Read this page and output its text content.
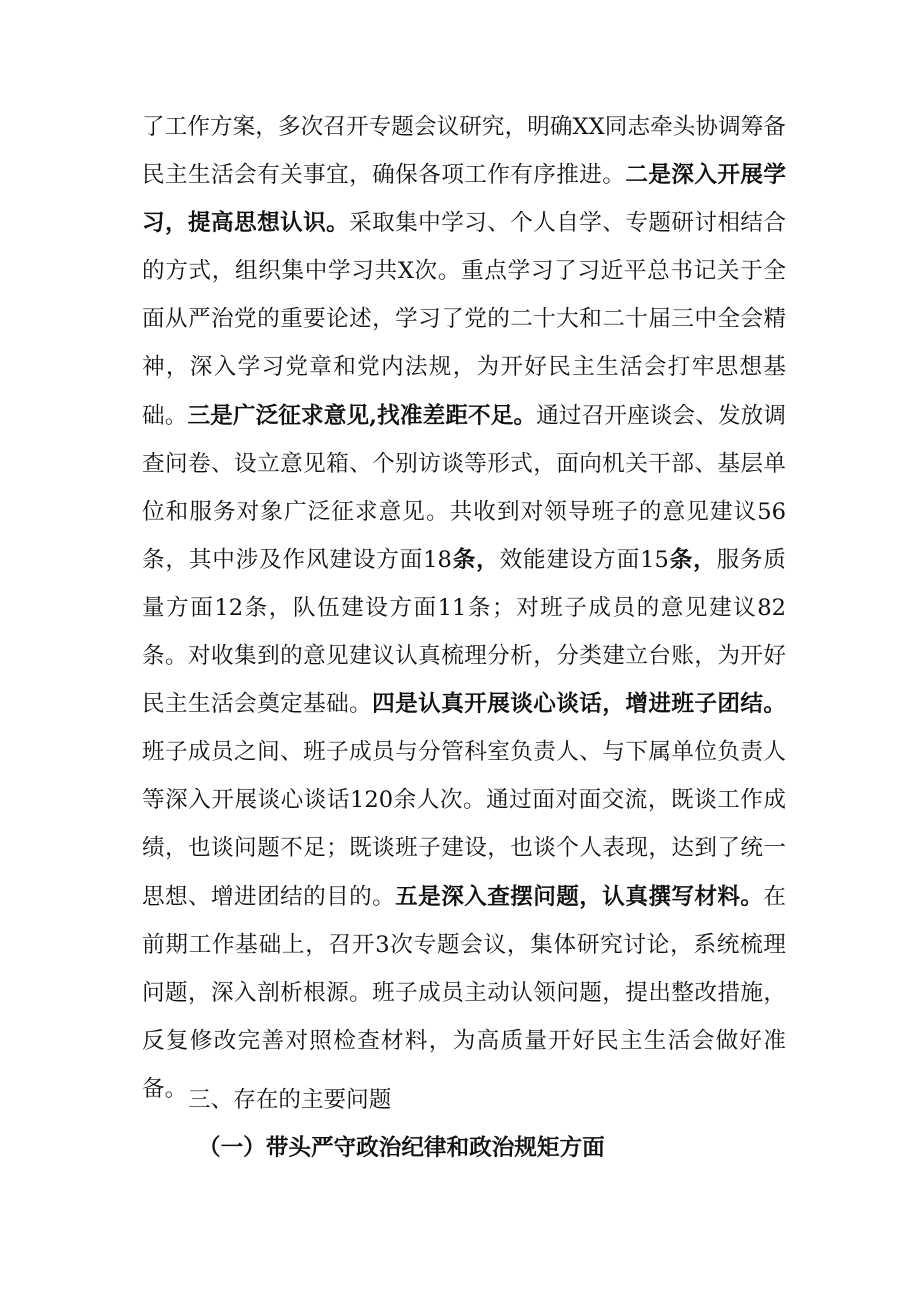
了工作方案，多次召开专题会议研究，明确XX同志牵头协调筹备民主生活会有关事宜，确保各项工作有序推进。二是深入开展学习，提高思想认识。采取集中学习、个人自学、专题研讨相结合的方式，组织集中学习共X次。重点学习了习近平总书记关于全面从严治党的重要论述，学习了党的二十大和二十届三中全会精神，深入学习党章和党内法规，为开好民主生活会打牢思想基础。三是广泛征求意见,找准差距不足。通过召开座谈会、发放调查问卷、设立意见箱、个别访谈等形式，面向机关干部、基层单位和服务对象广泛征求意见。共收到对领导班子的意见建议56条，其中涉及作风建设方面18条，效能建设方面15条，服务质量方面12条，队伍建设方面11条；对班子成员的意见建议82条。对收集到的意见建议认真梳理分析，分类建立台账，为开好民主生活会奠定基础。四是认真开展谈心谈话，增进班子团结。班子成员之间、班子成员与分管科室负责人、与下属单位负责人等深入开展谈心谈话120余人次。通过面对面交流，既谈工作成绩，也谈问题不足；既谈班子建设，也谈个人表现，达到了统一思想、增进团结的目的。五是深入查摆问题，认真撰写材料。在前期工作基础上，召开3次专题会议，集体研究讨论，系统梳理问题，深入剖析根源。班子成员主动认领问题，提出整改措施，反复修改完善对照检查材料，为高质量开好民主生活会做好准备。 三、存在的主要问题

（一）带头严守政治纪律和政治规矩方面
